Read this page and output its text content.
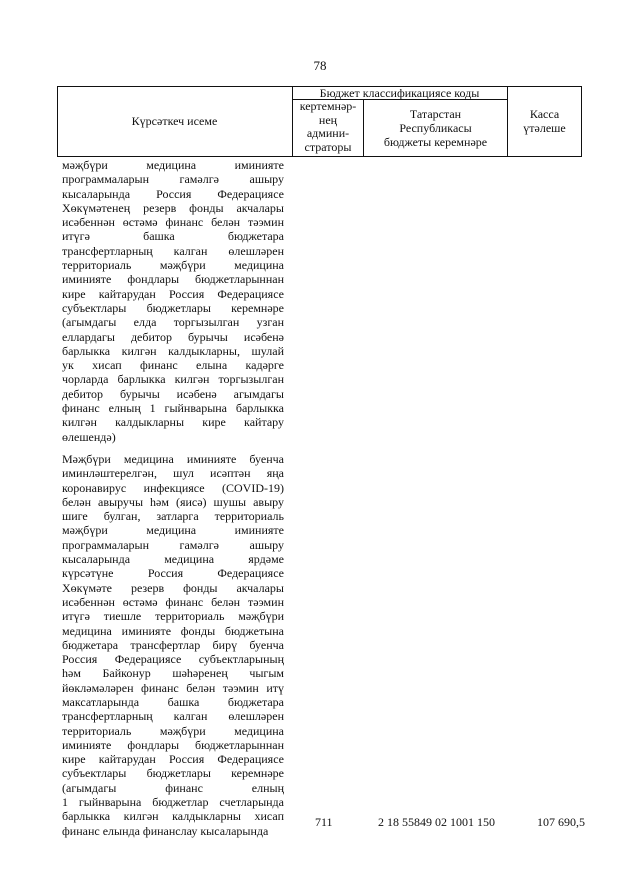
78
Күрсәткеч исеме
Бюджет классификациясе коды
кертемнәр-
нең
админи-
страторы
Татарстан
Республикасы
бюджеты керемнәре
Касса
үтәлеше
мәҗбүри медицина иминияте
программаларын гамәлгә ашыру
кысаларында Россия Федерациясе
Хөкүмәтенең резерв фонды акчалары
исәбеннән өстәмә финанс белән тәэмин
итүгә башка бюджетара
трансфертларның калган өлешләрен
территориаль мәҗбүри медицина
иминияте фондлары бюджетларыннан
кире кайтарудан Россия Федерациясе
субъектлары бюджетлары керемнәре
(агымдагы елда торгызылган узган
еллардагы дебитор бурычы исәбенә
барлыкка килгән калдыкларны, шулай
ук хисап финанс елына кадәрге
чорларда барлыкка килгән торгызылган
дебитор бурычы исәбенә агымдагы
финанс елның 1 гыйнварына барлыкка
килгән калдыкларны кире кайтару
өлешендә)
Мәҗбүри медицина иминияте буенча
иминләштерелгән, шул исәптән яңа
коронавирус инфекциясе (COVID-19)
белән авыручы һәм (яисә) шушы авыру
шиге булган, затларга территориаль
мәҗбүри медицина иминияте
программаларын гамәлгә ашыру
кысаларында медицина ярдәме
күрсәтүне Россия Федерациясе
Хөкүмәте резерв фонды акчалары
исәбеннән өстәмә финанс белән тәэмин
итүгә тиешле территориаль мәҗбүри
медицина иминияте фонды бюджетына
бюджетара трансфертлар бирү буенча
Россия Федерациясе субъектларының
һәм Байконур шәһәренең чыгым
йөкләмәләрен финанс белән тәэмин итү
максатларында башка бюджетара
трансфертларның калган өлешләрен
территориаль мәҗбүри медицина
иминияте фондлары бюджетларыннан
кире кайтарудан Россия Федерациясе
субъектлары бюджетлары керемнәре
(агымдагы финанс елның
1 гыйнварына бюджетлар счетларында
барлыкка килгән калдыкларны хисап
финанс елында финанслау кысаларында
711	2 18 55849 02 1001 150	107 690,5
